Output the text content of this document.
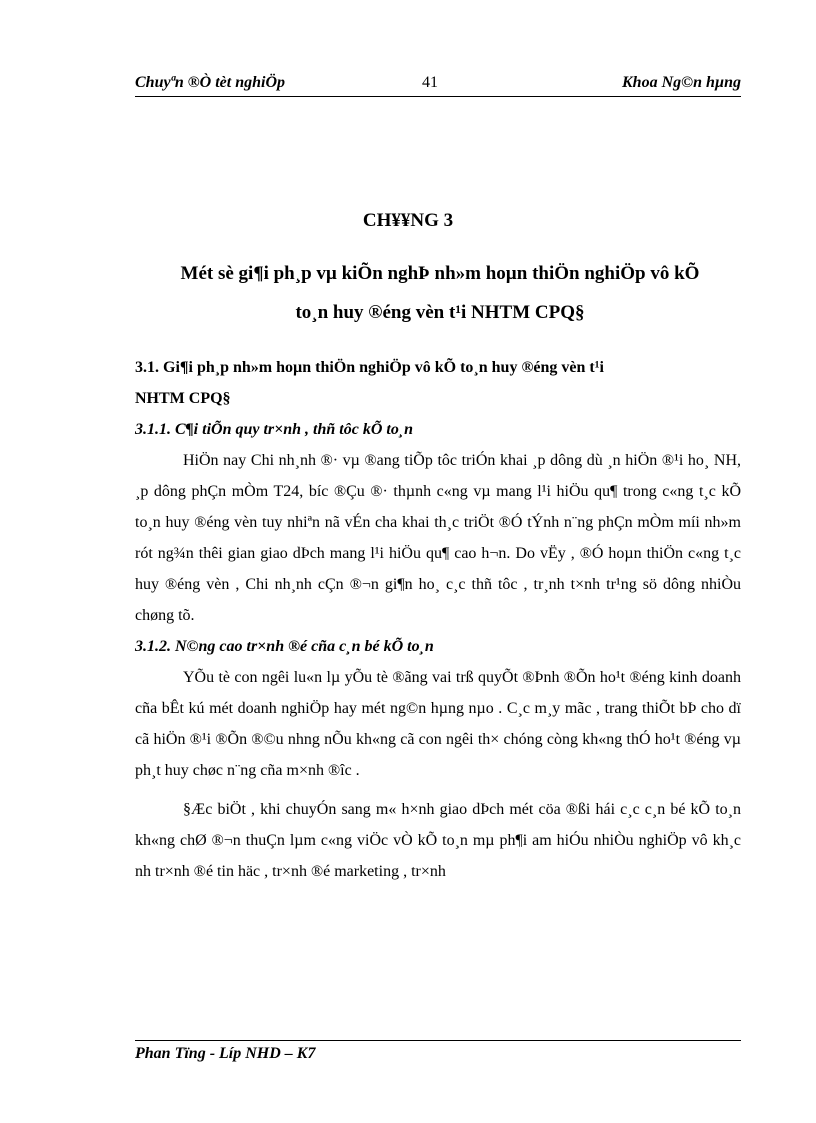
Chuyªn ®Ò tèt nghiÖp	41	Khoa Ng©n hµng
CH¥¥NG 3
Mét sè gi¶i ph¸p vµ kiÕn nghÞ nh»m hoµn thiÖn nghiÖp vô kÕ
to¸n huy ®éng vèn t¹i NHTM CPQ§

3.1. Gi¶i ph¸p nh»m hoµn thiÖn nghiÖp vô kÕ to¸n huy ®éng vèn t¹i

NHTM CPQ§

3.1.1. C¶i tiÕn quy tr×nh , thñ tôc kÕ to¸n

HiÖn nay Chi nh¸nh ®· vµ ®ang tiÕp tôc triÓn khai ¸p dông dù ¸n hiÖn ®¹i ho¸ NH, ¸p dông phÇn mÒm T24, bíc ®Çu ®· thµnh c«ng vµ mang l¹i hiÖu qu¶ trong c«ng t¸c kÕ to¸n huy ®éng vèn tuy nhiªn nã vÉn cha khai th¸c triÖt ®Ó tÝnh n¨ng phÇn mÒm míi nh»m rót ng¾n thêi gian giao dÞch mang l¹i hiÖu qu¶ cao h¬n. Do vËy , ®Ó hoµn thiÖn c«ng t¸c huy ®éng vèn , Chi nh¸nh cÇn ®¬n gi¶n ho¸ c¸c thñ tôc , tr¸nh t×nh tr¹ng sö dông nhiÒu chøng tõ.

3.1.2. N©ng cao tr×nh ®é cña c¸n bé kÕ to¸n

YÕu tè con ngêi lu«n lµ yÕu tè ®ãng vai trß quyÕt ®Þnh ®Õn ho¹t ®éng kinh doanh cña bÊt kú mét doanh nghiÖp hay mét ng©n hµng nµo . C¸c m¸y mãc , trang thiÕt bÞ cho dï cã hiÖn ®¹i ®Õn ®©u nhng nÕu kh«ng cã con ngêi th× chóng còng kh«ng thÓ ho¹t ®éng vµ ph¸t huy chøc n¨ng cña m×nh ®îc .

§Æc biÖt , khi chuyÓn sang m« h×nh giao dÞch mét cöa ®ßi hái c¸c c¸n bé kÕ to¸n kh«ng chØ ®¬n thuÇn lµm c«ng viÖc vÒ kÕ to¸n mµ ph¶i am hiÓu nhiÒu nghiÖp vô kh¸c nh tr×nh ®é tin häc , tr×nh ®é marketing , tr×nh

Phan Tïng - Líp NHD – K7
